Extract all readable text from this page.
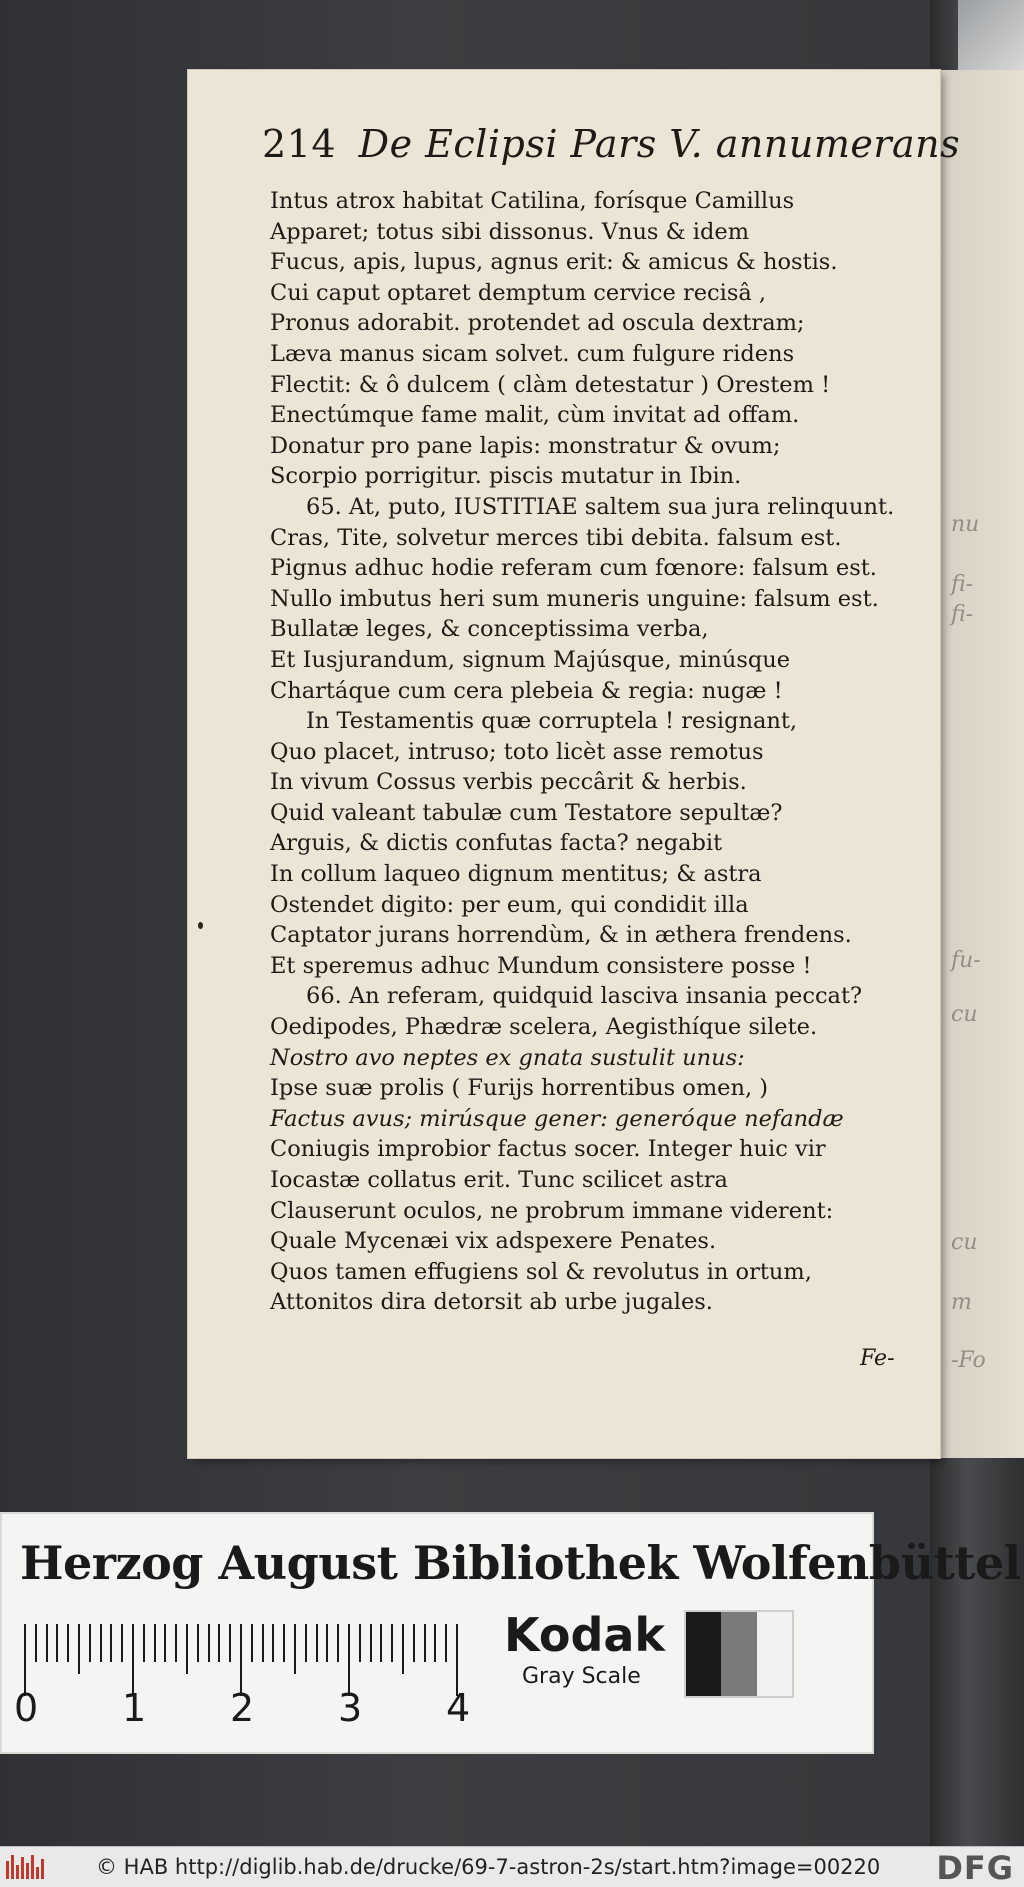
nu
fi-
fi-
fu-
cu
cu
m
-Fo
214 De Eclipsi Pars V. annumerans
Intus atrox habitat Catilina, forísque Camillus
Apparet; totus sibi dissonus. Vnus & idem
Fucus, apis, lupus, agnus erit: & amicus & hostis.
Cui caput optaret demptum cervice recisâ ,
Pronus adorabit. protendet ad oscula dextram;
Læva manus sicam solvet. cum fulgure ridens
Flectit: & ô dulcem ( clàm detestatur ) Orestem !
Enectúmque fame malit, cùm invitat ad offam.
Donatur pro pane lapis: monstratur & ovum;
Scorpio porrigitur. piscis mutatur in Ibin.
65. At, puto, IUSTITIAE saltem sua jura relinquunt.
Cras, Tite, solvetur merces tibi debita. falsum est.
Pignus adhuc hodie referam cum fœnore: falsum est.
Nullo imbutus heri sum muneris unguine: falsum est.
Bullatæ leges, & conceptissima verba,
Et Iusjurandum, signum Majúsque, minúsque
Chartáque cum cera plebeia & regia: nugæ !
In Testamentis quæ corruptela ! resignant,
Quo placet, intruso; toto licèt asse remotus
In vivum Cossus verbis peccârit & herbis.
Quid valeant tabulæ cum Testatore sepultæ?
Arguis, & dictis confutas facta? negabit
In collum laqueo dignum mentitus; & astra
Ostendet digito: per eum, qui condidit illa
Captator jurans horrendùm, & in æthera frendens.
Et speremus adhuc Mundum consistere posse !
66. An referam, quidquid lasciva insania peccat?
Oedipodes, Phædræ scelera, Aegisthíque silete.
Nostro avo neptes ex gnata sustulit unus:
Ipse suæ prolis ( Furijs horrentibus omen, )
Factus avus; mirúsque gener: generóque nefandæ
Coniugis improbior factus socer. Integer huic vir
Iocastæ collatus erit. Tunc scilicet astra
Clauserunt oculos, ne probrum immane viderent:
Quale Mycenæi vix adspexere Penates.
Quos tamen effugiens sol & revolutus in ortum,
Attonitos dira detorsit ab urbe jugales.
Fe-
Herzog August Bibliothek Wolfenbüttel
0 1 2 3 4
Kodak
Gray Scale
© HAB http://diglib.hab.de/drucke/69-7-astron-2s/start.htm?image=00220 DFG
